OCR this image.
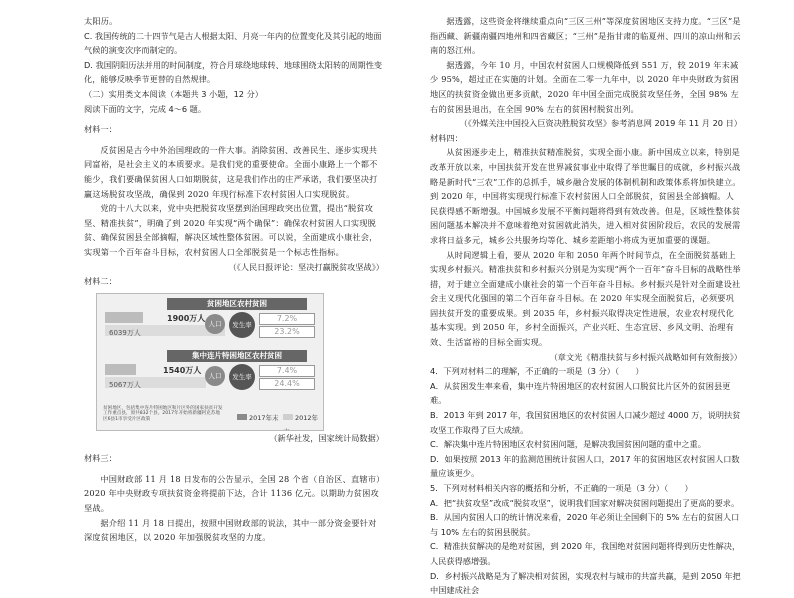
太阳历。

C. 我国传统的二十四节气是古人根据太阳、月亮一年内的位置变化及其引起的地面气候的演变次序而制定的。

D. 我国阴阳历法并用的时间制度，符合月球绕地球转、地球围绕太阳转的周期性变化，能够反映季节更替的自然规律。

（二）实用类文本阅读（本题共 3 小题，12 分）

阅读下面的文字，完成 4～6 题。

材料一：

反贫困是古今中外治国理政的一件大事。消除贫困、改善民生、逐步实现共同富裕，是社会主义的本质要求。是我们党的重要使命。全面小康路上一个都不能少，我们要确保贫困人口如期脱贫，这是我们作出的庄严承诺，我们要坚决打赢这场脱贫攻坚战，确保到 2020 年现行标准下农村贫困人口实现脱贫。

党的十八大以来，党中央把脱贫攻坚摆到治国理政突出位置，提出“脱贫攻坚、精准扶贫”，明确了到 2020 年实现“两个确保”：确保农村贫困人口实现脱贫、确保贫困县全部摘帽，解决区域性整体贫困。可以说，全面建成小康社会，实现第一个百年奋斗目标，农村贫困人口全部脱贫是一个标志性指标。

（《人民日报评论：坚决打赢脱贫攻坚战》）

材料二：

贫困地区农村贫困
1900万人
6039万人
人口	发生率
7.2%
23.2%
集中连片特困地区农村贫困
1540万人
5067万人
人口	发生率
7.4%
24.4%
贫困地区，包括集中连片特困地区和片区外的国家扶贫开发工作重点县，原共832个县。2017年开始将新疆阿克苏地区6县1市享受片区政策	2017年末	2012年

（新华社发，国家统计局数据）

材料三：

中国财政部 11 月 18 日发布的公告显示，全国 28 个省（自治区、直辖市）2020 年中央财政专项扶贫资金将提前下达，合计 1136 亿元。以期助力贫困攻坚战。

据介绍 11 月 18 日提出，按照中国财政部的说法，其中一部分资金要针对深度贫困地区，以 2020 年加强脱贫攻坚的力度。

据透露，这些资金将继续重点向“三区三州”等深度贫困地区支持力度。“三区”是指西藏、新疆南疆四地州和四省藏区；“三州”是指甘肃的临夏州、四川的凉山州和云南的怒江州。

据透露，今年 10 月，中国农村贫困人口规模降低到 551 万，较 2019 年末减少 95%，超过正在实施的计划。全面在二零一九年中，以 2020 年中央财政为贫困地区的扶贫资金做出更多贡献，2020 年中国全面完成脱贫攻坚任务，全国 98% 左右的贫困县退出，在全国 90% 左右的贫困村脱贫出列。

（《外媒关注中国投入巨资决胜脱贫攻坚》参考消息网 2019 年 11 月 20 日）

材料四：

从贫困逐步走上，精准扶贫精准脱贫，实现全面小康。新中国成立以来，特别是改革开放以来，中国扶贫开发在世界减贫事业中取得了举世瞩目的成就，乡村振兴战略是新时代“三农”工作的总抓手，城乡融合发展的体制机制和政策体系将加快建立。到 2020 年，中国将实现现行标准下农村贫困人口全部脱贫，贫困县全部摘帽。人民获得感不断增强。中国城乡发展不平衡问题将得到有效改善。但是，区域性整体贫困问题基本解决并不意味着绝对贫困就此消失，进入相对贫困阶段后，农民的发展需求将日益多元，城乡公共服务均等化、城乡差距缩小将成为更加重要的课题。

从时间逻辑上看，要从 2020 年和 2050 年两个时间节点，在全面脱贫基础上实现乡村振兴。精准扶贫和乡村振兴分别是为实现“两个一百年”奋斗目标的战略性举措，对于建立全面建成小康社会的第一个百年奋斗目标。乡村振兴是针对全面建设社会主义现代化强国的第二个百年奋斗目标。在 2020 年实现全面脱贫后，必须要巩固扶贫开发的重要成果。到 2035 年，乡村振兴取得决定性进展，农业农村现代化基本实现。到 2050 年，乡村全面振兴，产业兴旺、生态宜居、乡风文明、治理有效、生活富裕的目标全面实现。

（章文光《精准扶贫与乡村振兴战略如何有效衔接》）

4．下列对材料二的理解，不正确的一项是（3 分）（　　）

A．从贫困发生率来看，集中连片特困地区的农村贫困人口脱贫比片区外的贫困县更难。

B．2013 年到 2017 年，我国贫困地区的农村贫困人口减少超过 4000 万，说明扶贫攻坚工作取得了巨大成绩。

C．解决集中连片特困地区农村贫困问题，是解决我国贫困问题的重中之重。

D．如果按照 2013 年的监测范围统计贫困人口，2017 年的贫困地区农村贫困人口数量应该更少。

5．下列对材料相关内容的概括和分析，不正确的一项是（3 分）（　　）

A．把“扶贫攻坚”改成“脱贫攻坚”，说明我们国家对解决贫困问题提出了更高的要求。

B．从国内贫困人口的统计情况来看，2020 年必须让全国剩下的 5% 左右的贫困人口与 10% 左右的贫困县脱贫。

C．精准扶贫解决的是绝对贫困，到 2020 年，我国绝对贫困问题将得到历史性解决，人民获得感增强。

D．乡村振兴战略是为了解决相对贫困，实现农村与城市的共富共赢，是到 2050 年把中国建成社会
